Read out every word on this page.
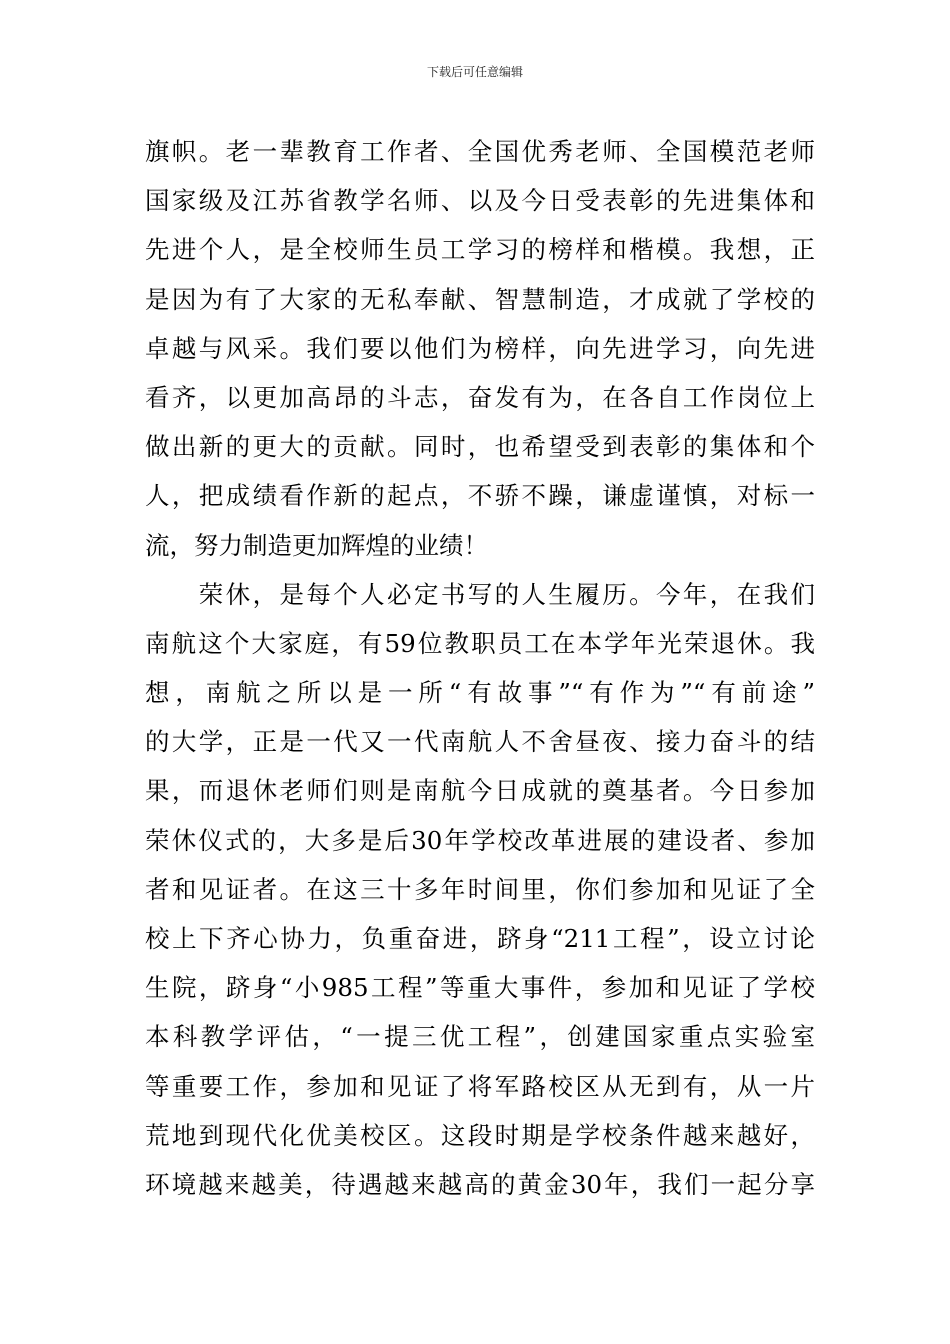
下载后可任意编辑
旗帜。老一辈教育工作者、全国优秀老师、全国模范老师
国家级及江苏省教学名师、以及今日受表彰的先进集体和
先进个人，是全校师生员工学习的榜样和楷模。我想，正
是因为有了大家的无私奉献、智慧制造，才成就了学校的
卓越与风采。我们要以他们为榜样，向先进学习，向先进
看齐，以更加高昂的斗志，奋发有为，在各自工作岗位上
做出新的更大的贡献。同时，也希望受到表彰的集体和个
人，把成绩看作新的起点，不骄不躁，谦虚谨慎，对标一
流，努力制造更加辉煌的业绩！
　　荣休，是每个人必定书写的人生履历。今年，在我们
南航这个大家庭，有59位教职员工在本学年光荣退休。我
想，南航之所以是一所“有故事”“有作为”“有前途”
的大学，正是一代又一代南航人不舍昼夜、接力奋斗的结
果，而退休老师们则是南航今日成就的奠基者。今日参加
荣休仪式的，大多是后30年学校改革进展的建设者、参加
者和见证者。在这三十多年时间里，你们参加和见证了全
校上下齐心协力，负重奋进，跻身“211工程”，设立讨论
生院，跻身“小985工程”等重大事件，参加和见证了学校
本科教学评估，“一提三优工程”，创建国家重点实验室
等重要工作，参加和见证了将军路校区从无到有，从一片
荒地到现代化优美校区。这段时期是学校条件越来越好，
环境越来越美，待遇越来越高的黄金30年，我们一起分享
